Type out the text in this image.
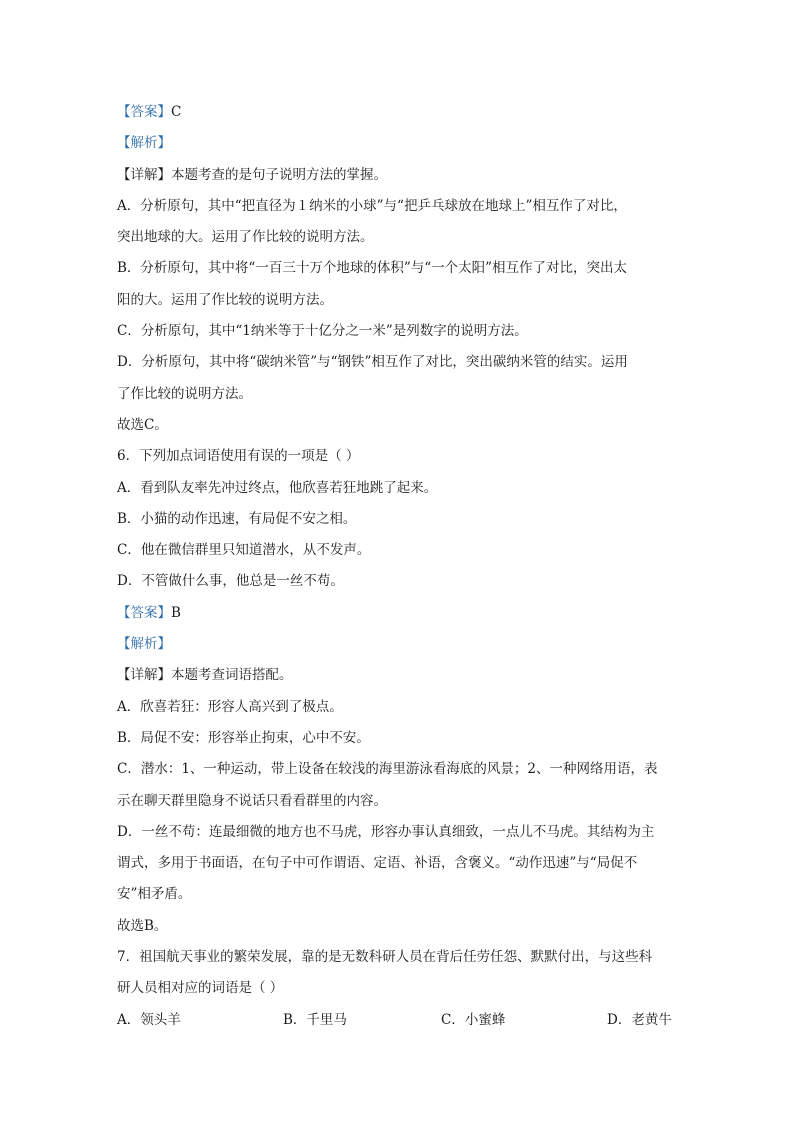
【答案】C
【解析】
【详解】本题考查的是句子说明方法的掌握。
A．分析原句，其中“把直径为１纳米的小球”与“把乒乓球放在地球上”相互作了对比，
突出地球的大。运用了作比较的说明方法。
B．分析原句，其中将“一百三十万个地球的体积”与“一个太阳”相互作了对比，突出太
阳的大。运用了作比较的说明方法。
C．分析原句，其中“1纳米等于十亿分之一米”是列数字的说明方法。
D．分析原句，其中将“碳纳米管”与“钢铁”相互作了对比，突出碳纳米管的结实。运用
了作比较的说明方法。
故选C。
6．下列加点词语使用有误的一项是（ ）
A．看到队友率先冲过终点，他欣喜若狂地跳了起来。
B．小猫的动作迅速，有局促不安之相。
C．他在微信群里只知道潜水，从不发声。
D．不管做什么事，他总是一丝不苟。
【答案】B
【解析】
【详解】本题考查词语搭配。
A．欣喜若狂：形容人高兴到了极点。
B．局促不安：形容举止拘束，心中不安。
C．潜水：1、一种运动，带上设备在较浅的海里游泳看海底的风景；2、一种网络用语，表
示在聊天群里隐身不说话只看看群里的内容。
D．一丝不苟：连最细微的地方也不马虎，形容办事认真细致，一点儿不马虎。其结构为主
谓式，多用于书面语，在句子中可作谓语、定语、补语，含褒义。“动作迅速”与“局促不
安”相矛盾。
故选B。
7．祖国航天事业的繁荣发展，靠的是无数科研人员在背后任劳任怨、默默付出，与这些科
研人员相对应的词语是（ ）
A．领头羊	B．千里马	C．小蜜蜂	D．老黄牛
